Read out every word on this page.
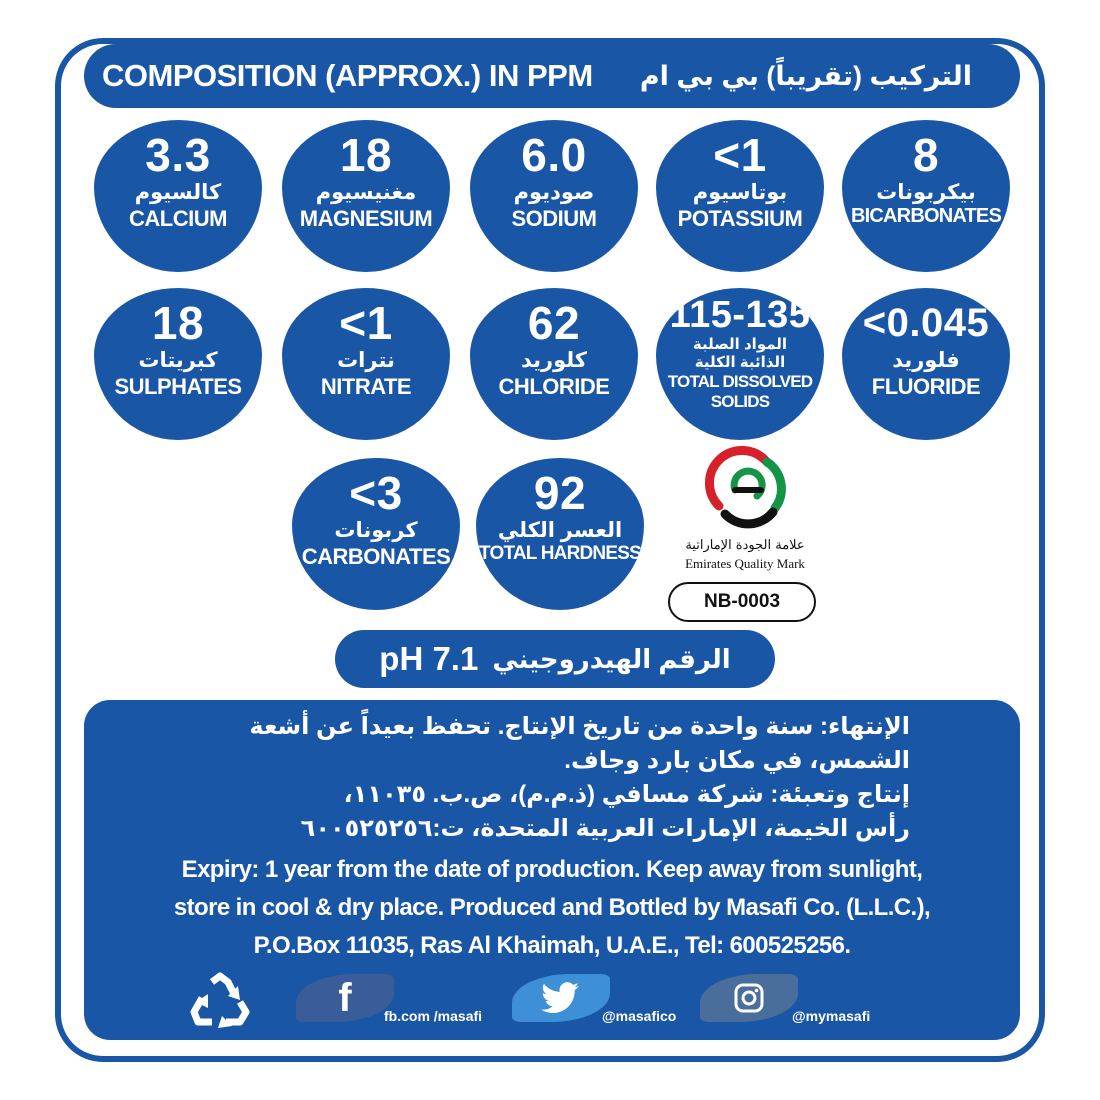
COMPOSITION (APPROX.) IN PPM التركيب (تقريباً) بي بي ام
3.3
كالسيوم
CALCIUM
18
مغنيسيوم
MAGNESIUM
6.0
صوديوم
SODIUM
<1
بوتاسيوم
POTASSIUM
8
بيكربونات
BICARBONATES
18
كبريتات
SULPHATES
<1
نترات
NITRATE
62
كلوريد
CHLORIDE
115-135
المواد الصلبة
الذائبة الكلية
TOTAL DISSOLVED
SOLIDS
<0.045
فلوريد
FLUORIDE
<3
كربونات
CARBONATES
92
العسر الكلي
TOTAL HARDNESS	علامة الجودة الإماراتية
Emirates Quality Mark
NB-0003
pH 7.1 الرقم الهيدروجيني
الإنتهاء: سنة واحدة من تاريخ الإنتاج. تحفظ بعيداً عن أشعة
الشمس، في مكان بارد وجاف.
إنتاج وتعبئة: شركة مسافي (ذ.م.م)، ص.ب. ١١٠٣٥،
رأس الخيمة، الإمارات العربية المتحدة، ت:٦٠٠٥٢٥٢٥٦
Expiry: 1 year from the date of production. Keep away from sunlight,
store in cool & dry place. Produced and Bottled by Masafi Co. (L.L.C.),
P.O.Box 11035, Ras Al Khaimah, U.A.E., Tel: 600525256.
f fb.com /masafi	@masafico	@mymasafi
